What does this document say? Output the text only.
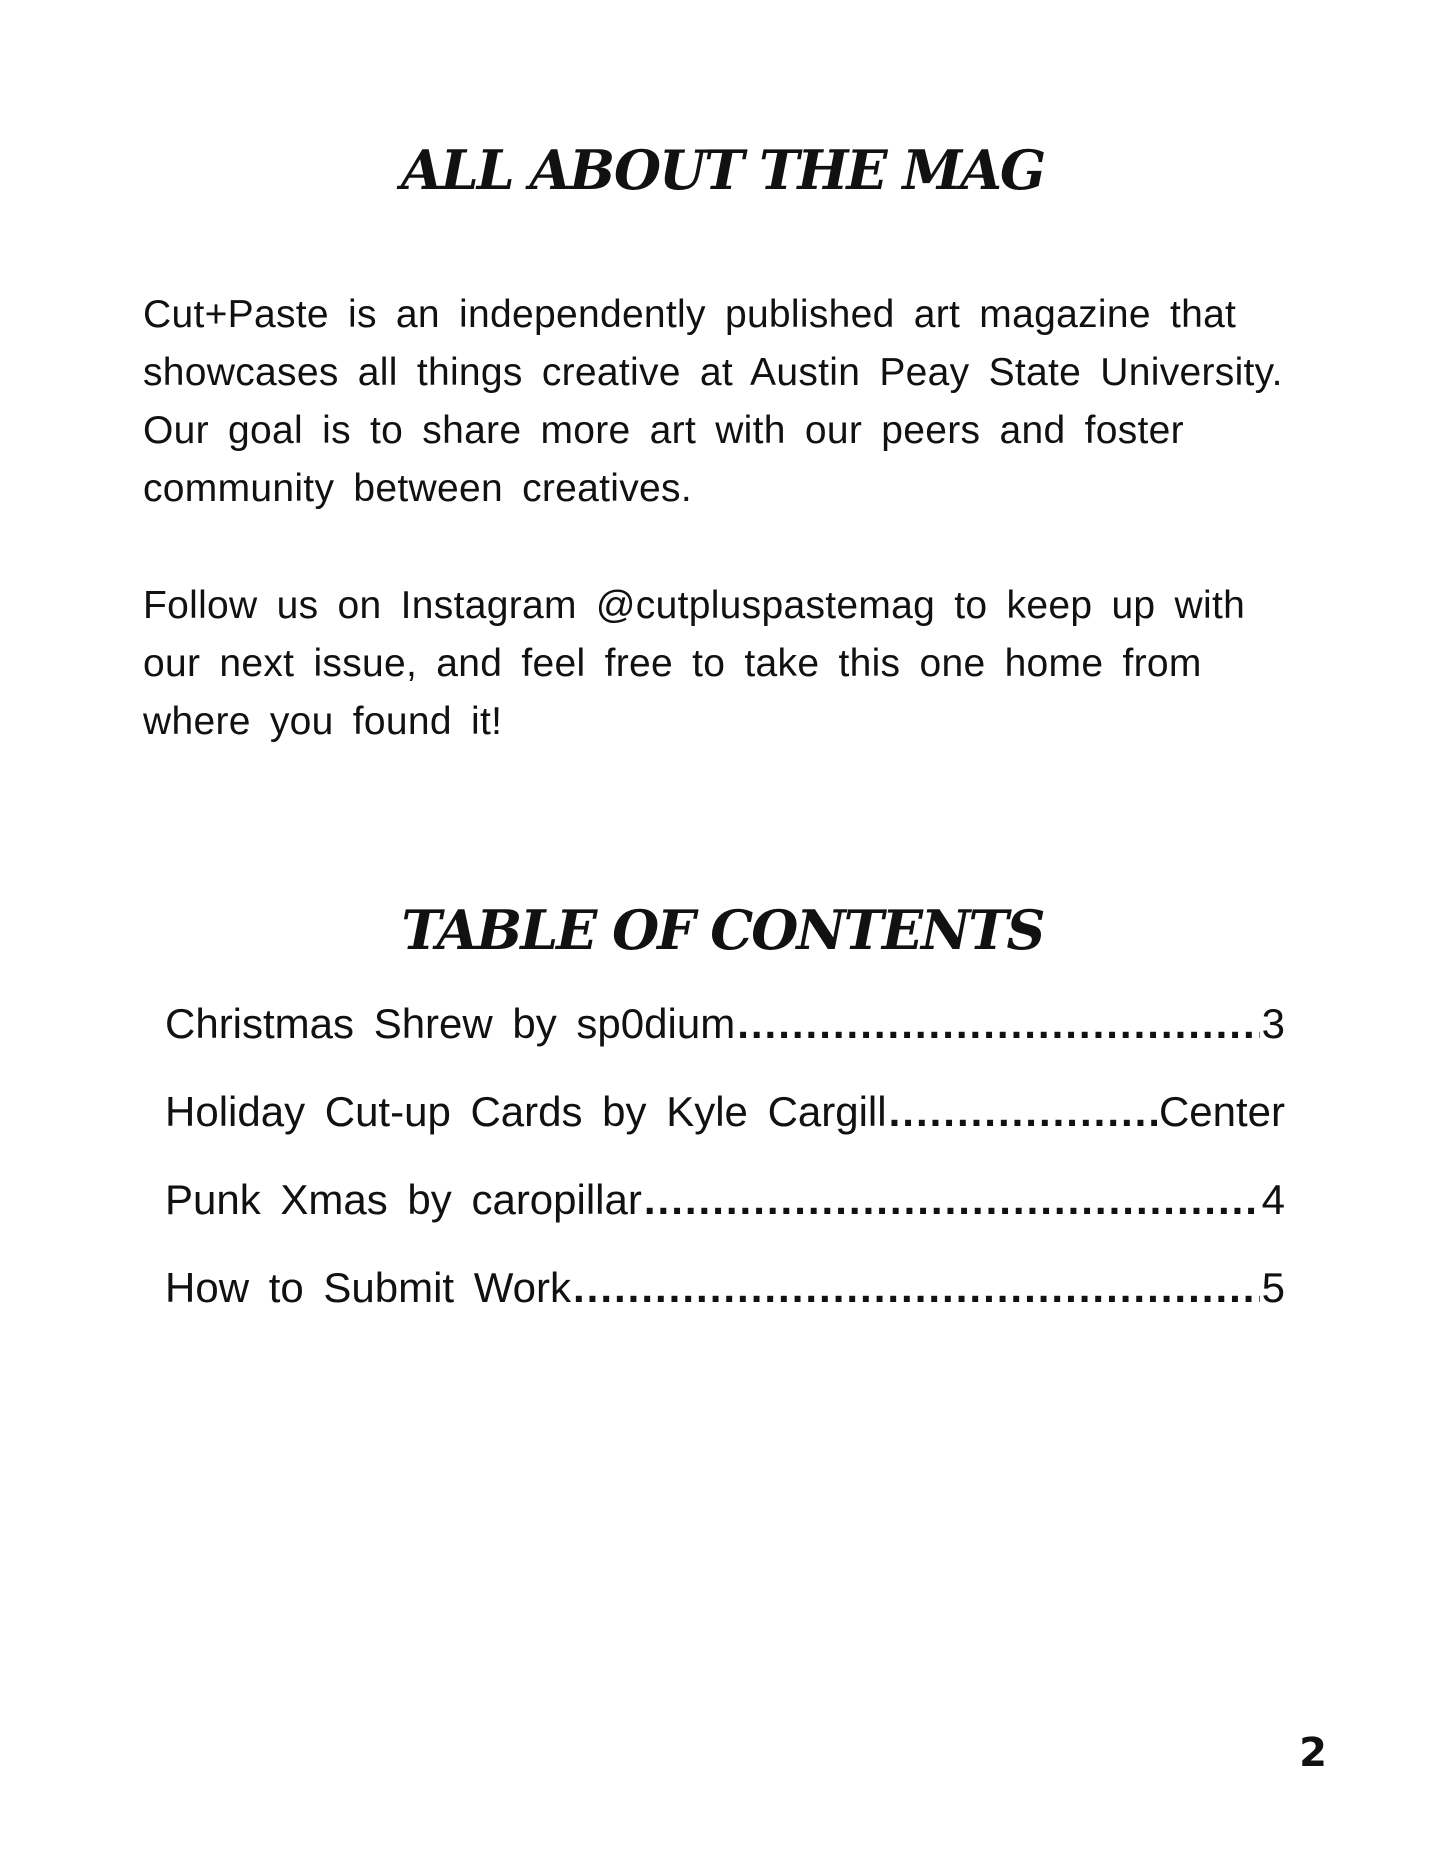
ALL ABOUT THE MAG

Cut+Paste is an independently published art magazine that showcases all things creative at Austin Peay State University. Our goal is to share more art with our peers and foster community between creatives.

Follow us on Instagram @cutpluspastemag to keep up with our next issue, and feel free to take this one home from where you found it!

TABLE OF CONTENTS
Christmas Shrew by sp0dium .....	3
Holiday Cut-up Cards by Kyle Cargill .....	Center
Punk Xmas by caropillar .....	4
How to Submit Work .....	5
2
